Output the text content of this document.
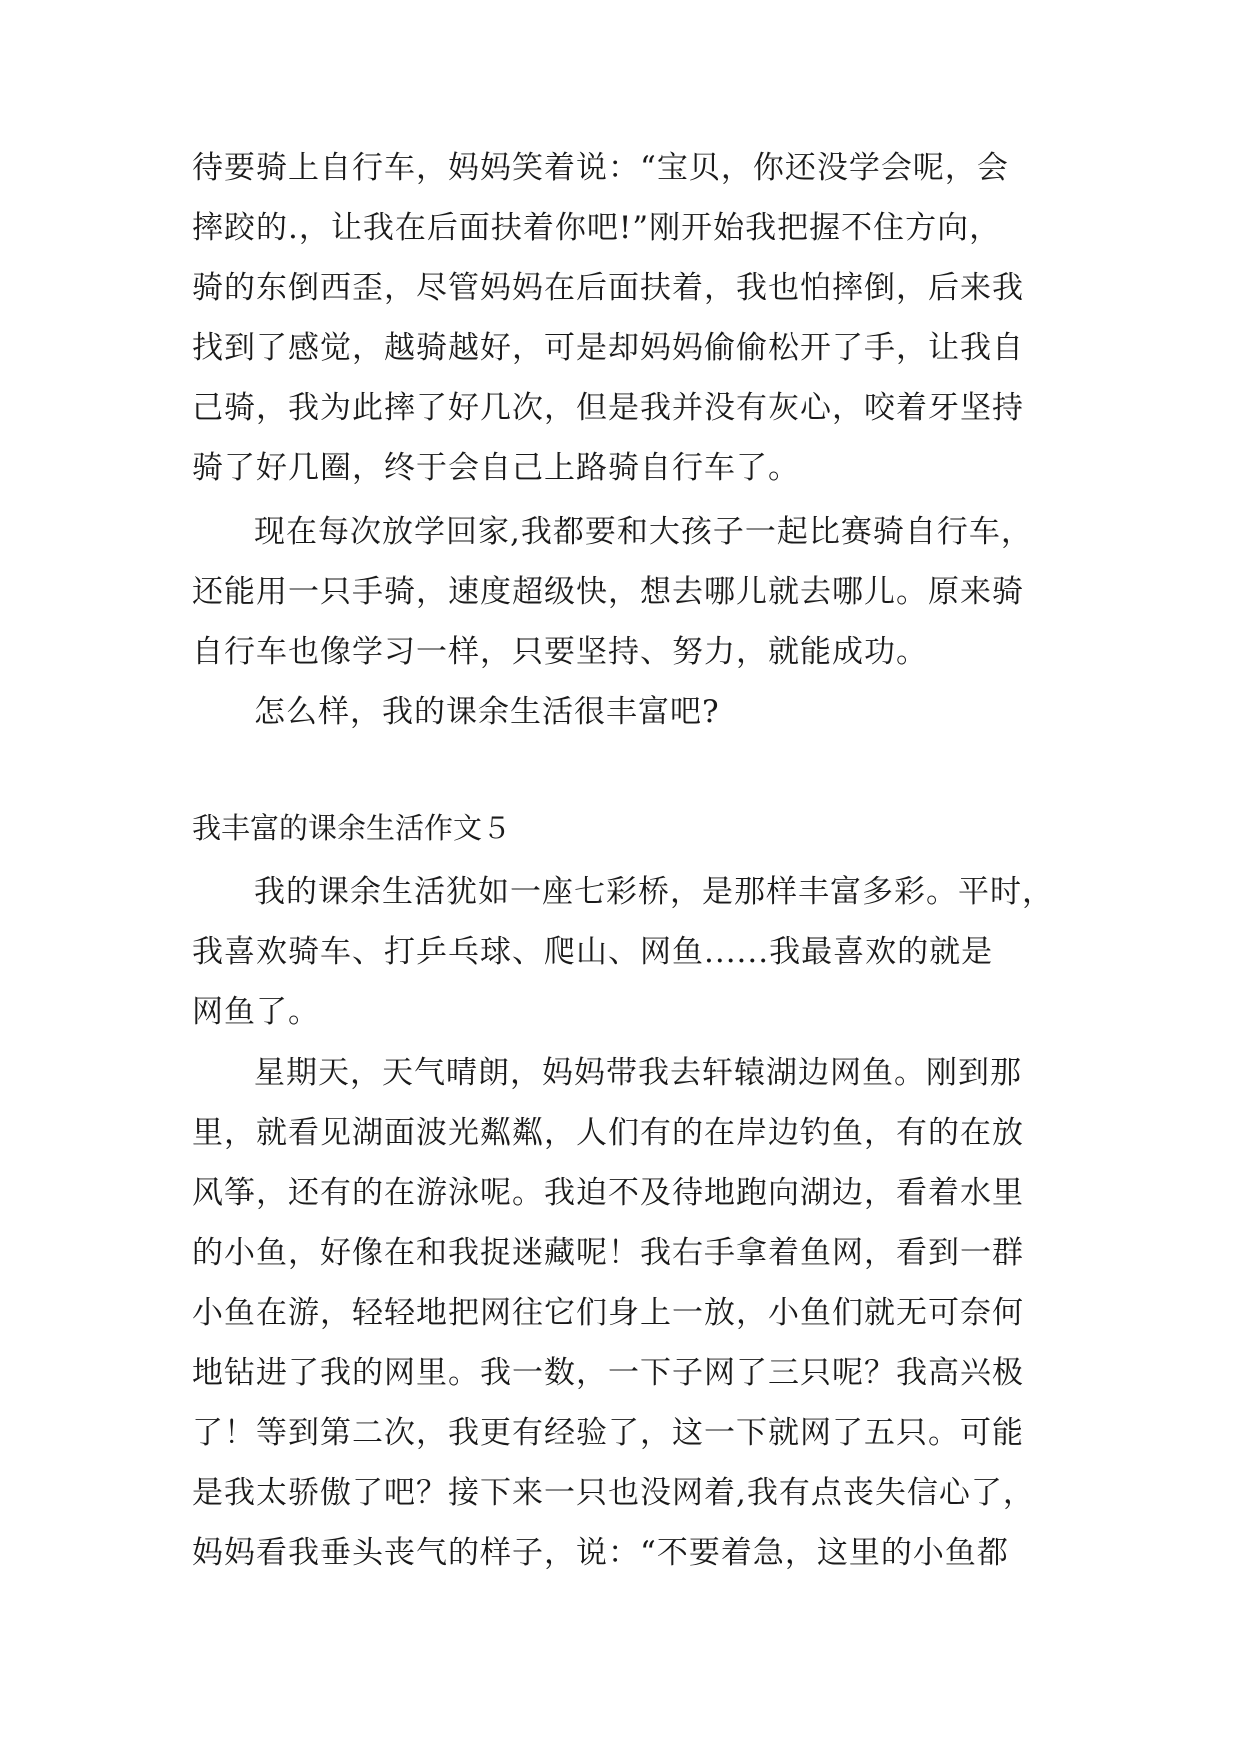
待要骑上自行车，妈妈笑着说：“宝贝，你还没学会呢，会
摔跤的.，让我在后面扶着你吧!”刚开始我把握不住方向，
骑的东倒西歪，尽管妈妈在后面扶着，我也怕摔倒，后来我
找到了感觉，越骑越好，可是却妈妈偷偷松开了手，让我自
己骑，我为此摔了好几次，但是我并没有灰心，咬着牙坚持
骑了好几圈，终于会自己上路骑自行车了。
现在每次放学回家,我都要和大孩子一起比赛骑自行车，
还能用一只手骑，速度超级快，想去哪儿就去哪儿。原来骑
自行车也像学习一样，只要坚持、努力，就能成功。
怎么样，我的课余生活很丰富吧?
我丰富的课余生活作文５
我的课余生活犹如一座七彩桥，是那样丰富多彩。平时，
我喜欢骑车、打乒乓球、爬山、网鱼......我最喜欢的就是
网鱼了。
星期天，天气晴朗，妈妈带我去轩辕湖边网鱼。刚到那
里，就看见湖面波光粼粼，人们有的在岸边钓鱼，有的在放
风筝，还有的在游泳呢。我迫不及待地跑向湖边，看着水里
的小鱼，好像在和我捉迷藏呢！我右手拿着鱼网，看到一群
小鱼在游，轻轻地把网往它们身上一放，小鱼们就无可奈何
地钻进了我的网里。我一数，一下子网了三只呢？我高兴极
了！等到第二次，我更有经验了，这一下就网了五只。可能
是我太骄傲了吧？接下来一只也没网着,我有点丧失信心了，
妈妈看我垂头丧气的样子，说：“不要着急，这里的小鱼都
